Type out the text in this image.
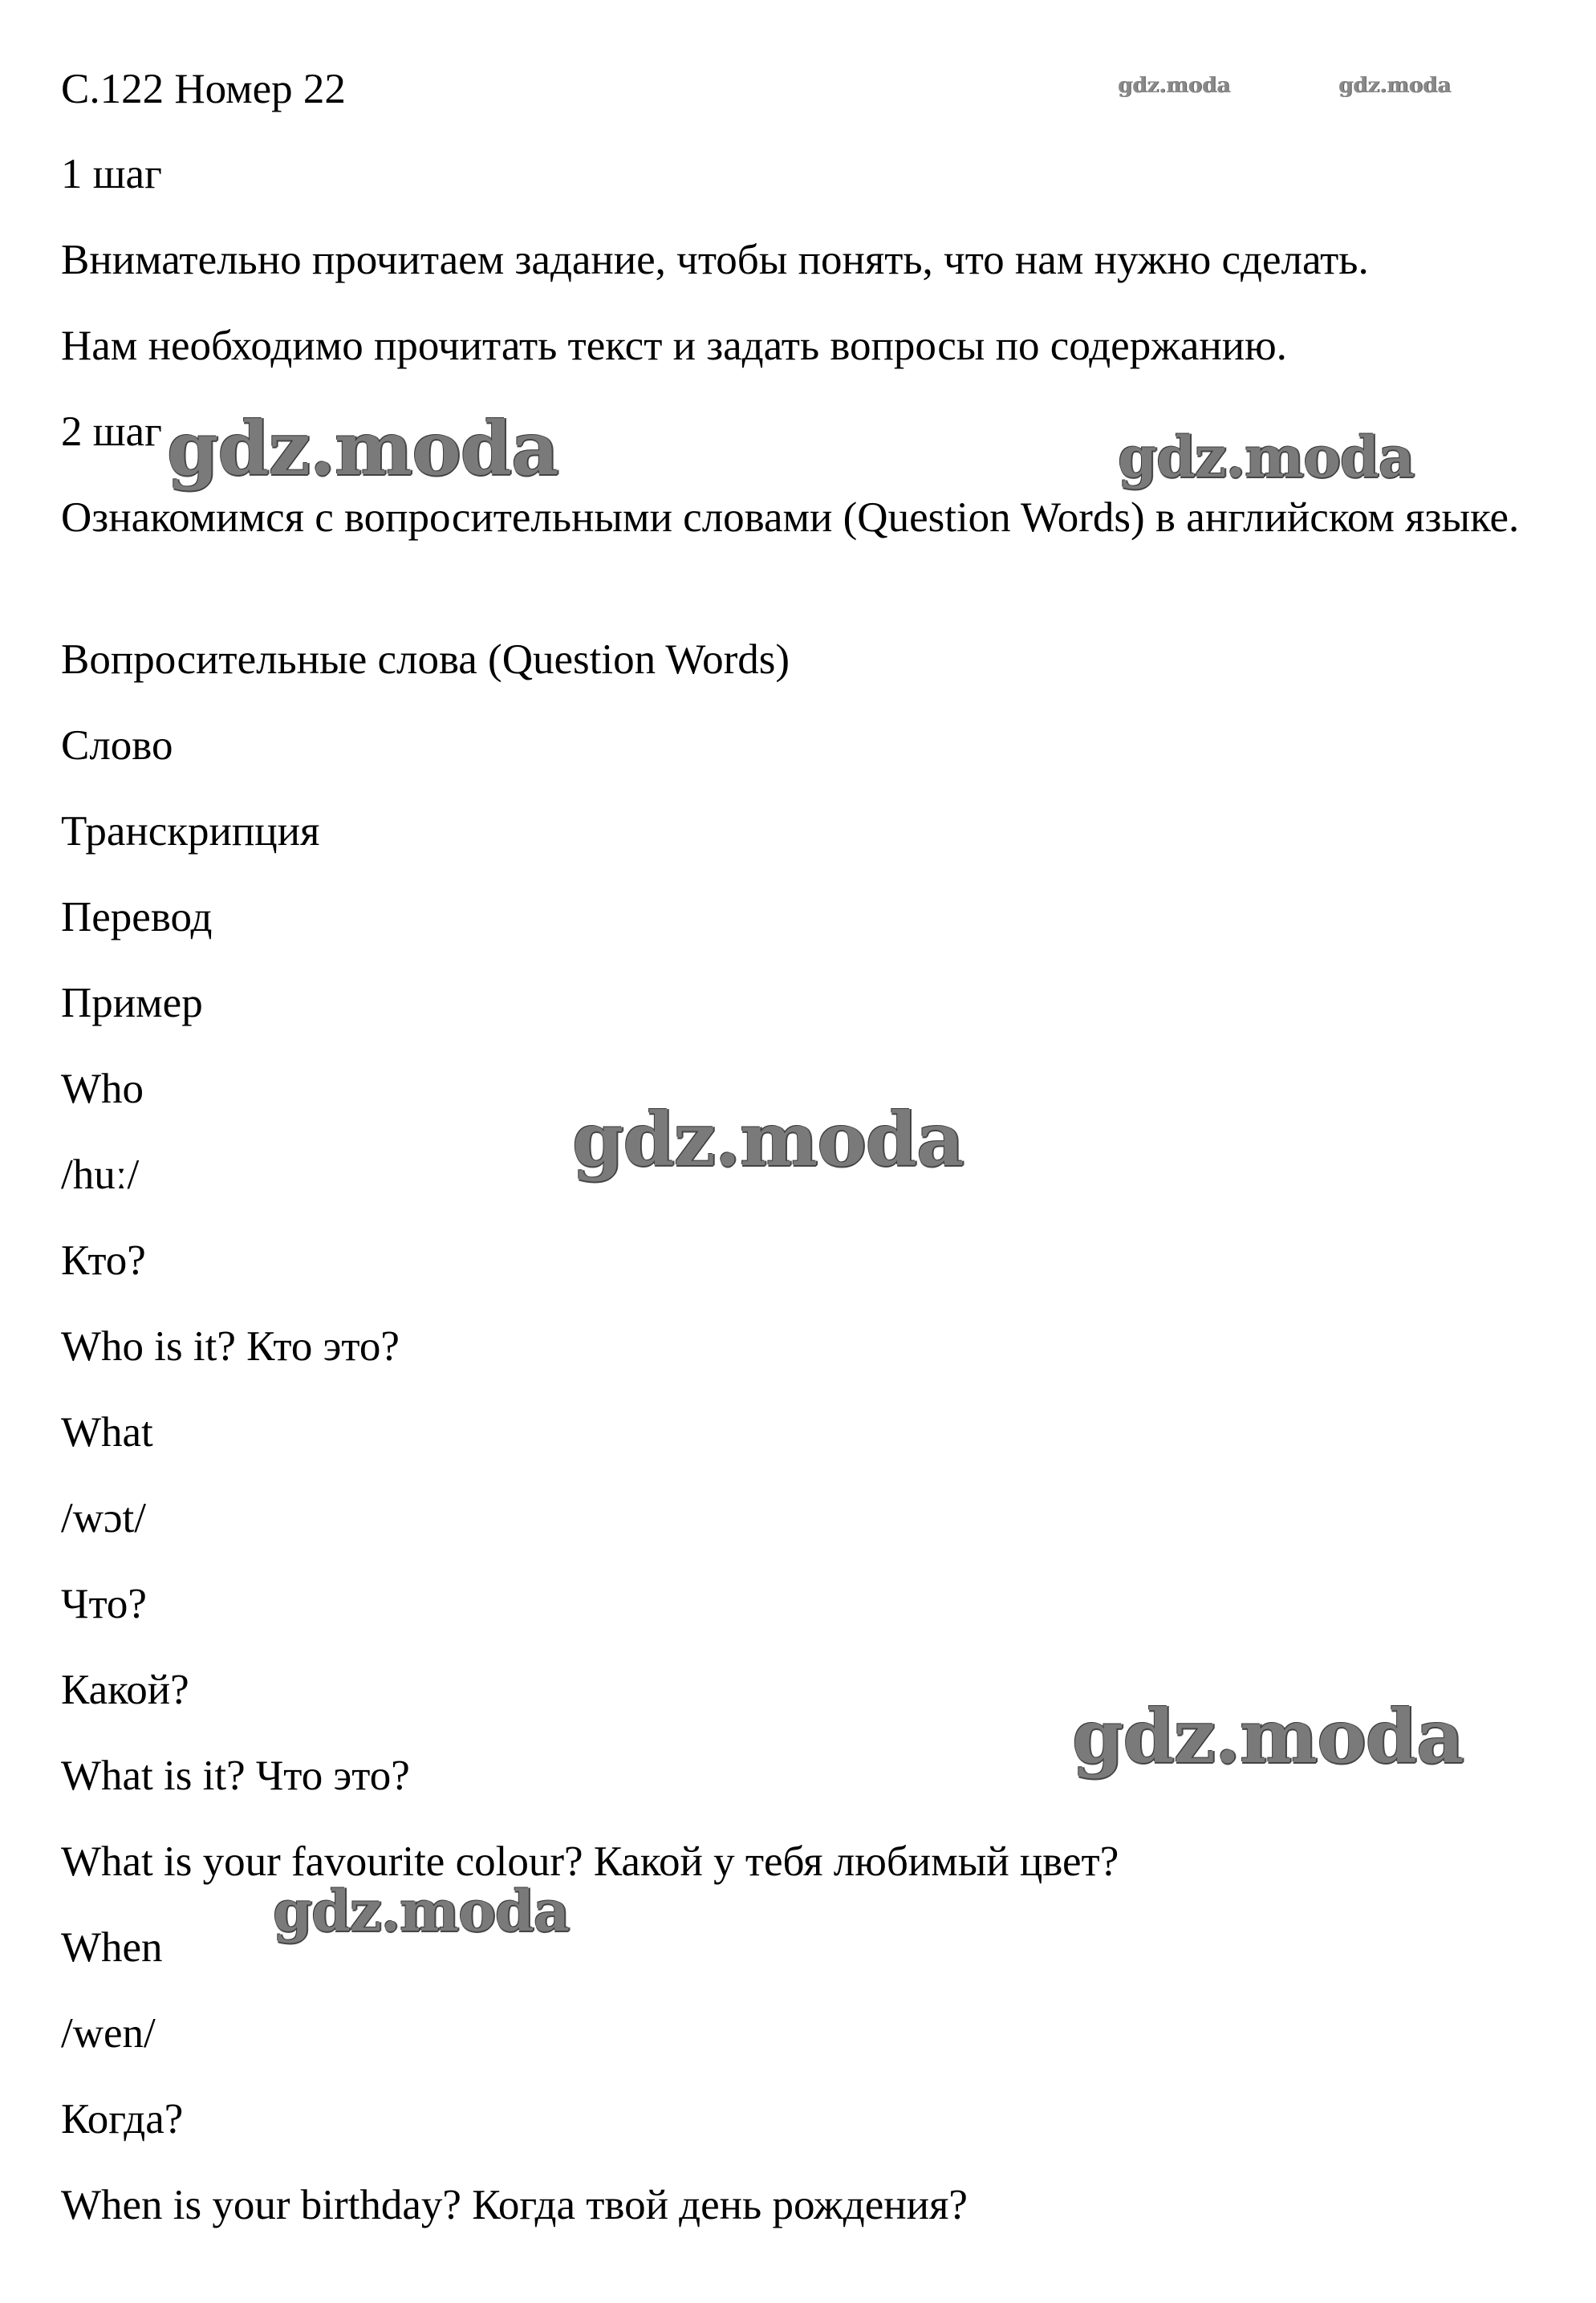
С.122 Номер 22
1 шаг
Внимательно прочитаем задание, чтобы понять, что нам нужно сделать.
Нам необходимо прочитать текст и задать вопросы по содержанию.
2 шаг
Ознакомимся с вопросительными словами (Question Words) в английском языке.
Вопросительные слова (Question Words)
Слово
Транскрипция
Перевод
Пример
Who
/huː/
Кто?
Who is it? Кто это?
What
/wɔt/
Что?
Какой?
What is it? Что это?
What is your favourite colour? Какой у тебя любимый цвет?
When
/wen/
Когда?
When is your birthday? Когда твой день рождения?
gdz.moda	gdz.moda
gdz.moda	gdz.moda
gdz.moda
gdz.moda
gdz.moda
